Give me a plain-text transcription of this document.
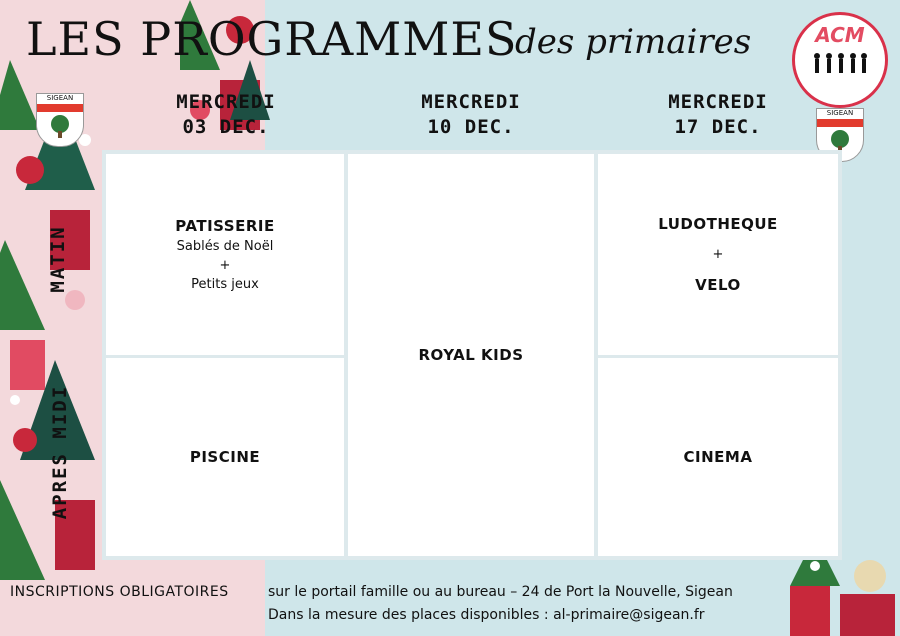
LES PROGRAMMES
des primaires	ACM
SIGEAN
SIGEAN
MERCREDI
03 DEC.
MERCREDI
10 DEC.
MERCREDI
17 DEC.
MATIN
APRES MIDI
PATISSERIE
Sablés de Noël
+
Petits jeux
PISCINE
ROYAL KIDS
LUDOTHEQUE
+
VELO
CINEMA
INSCRIPTIONS OBLIGATOIRES	sur le portail famille ou au bureau – 24 de Port la Nouvelle, Sigean
Dans la mesure des places disponibles : al-primaire@sigean.fr
